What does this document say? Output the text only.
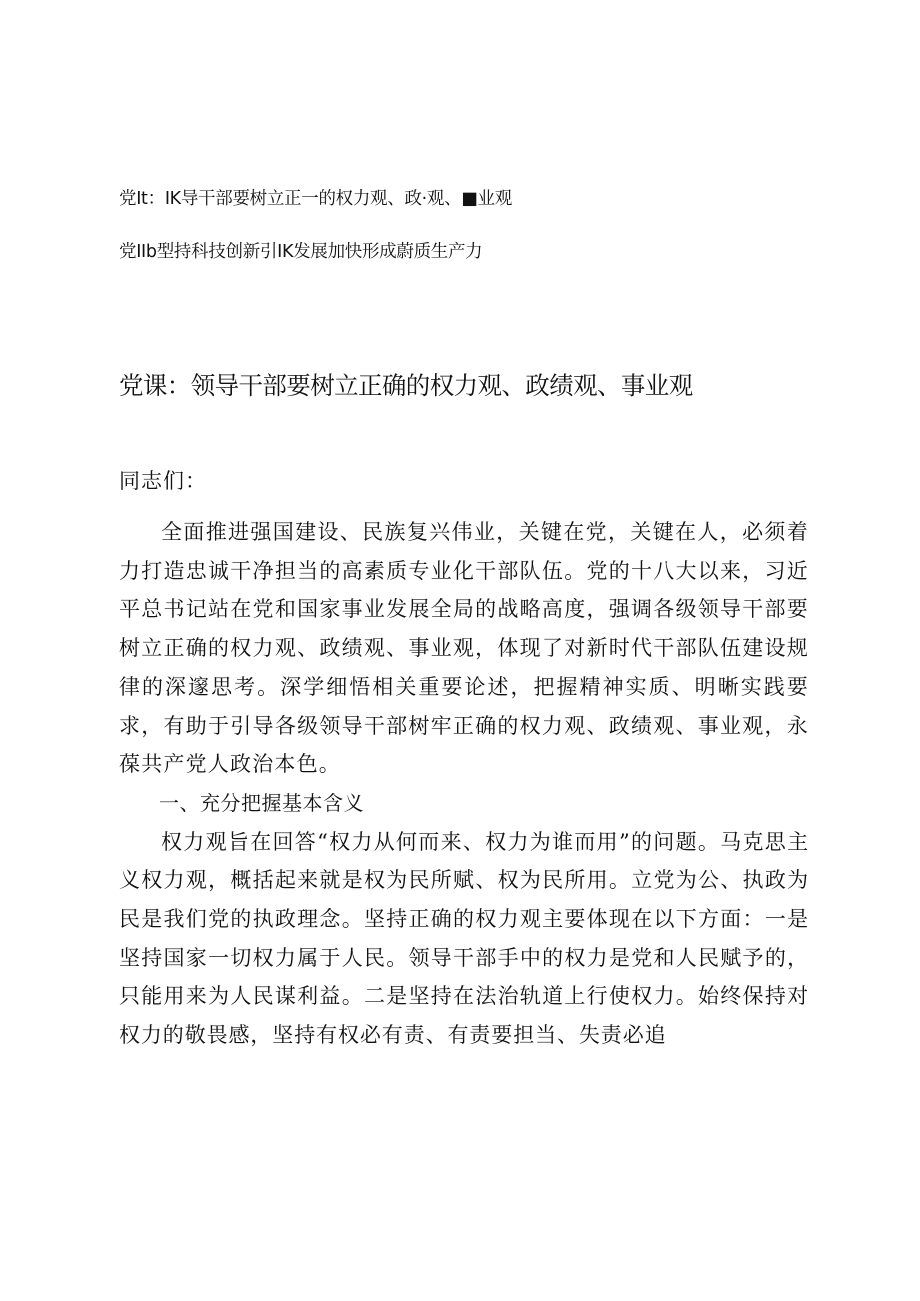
党It：IK导干部要树立正一的权力观、政·观、■业观
党IIb型持科技创新引IK发展加快形成蔚质生产力
党课：领导干部要树立正确的权力观、政绩观、事业观

同志们：

全面推进强国建设、民族复兴伟业，关键在党，关键在人，必须着力打造忠诚干净担当的高素质专业化干部队伍。党的十八大以来，习近平总书记站在党和国家事业发展全局的战略高度，强调各级领导干部要树立正确的权力观、政绩观、事业观，体现了对新时代干部队伍建设规律的深邃思考。深学细悟相关重要论述，把握精神实质、明晰实践要求，有助于引导各级领导干部树牢正确的权力观、政绩观、事业观，永葆共产党人政治本色。

一、充分把握基本含义

权力观旨在回答“权力从何而来、权力为谁而用”的问题。马克思主义权力观，概括起来就是权为民所赋、权为民所用。立党为公、执政为民是我们党的执政理念。坚持正确的权力观主要体现在以下方面：一是坚持国家一切权力属于人民。领导干部手中的权力是党和人民赋予的，只能用来为人民谋利益。二是坚持在法治轨道上行使权力。始终保持对权力的敬畏感，坚持有权必有责、有责要担当、失责必追
